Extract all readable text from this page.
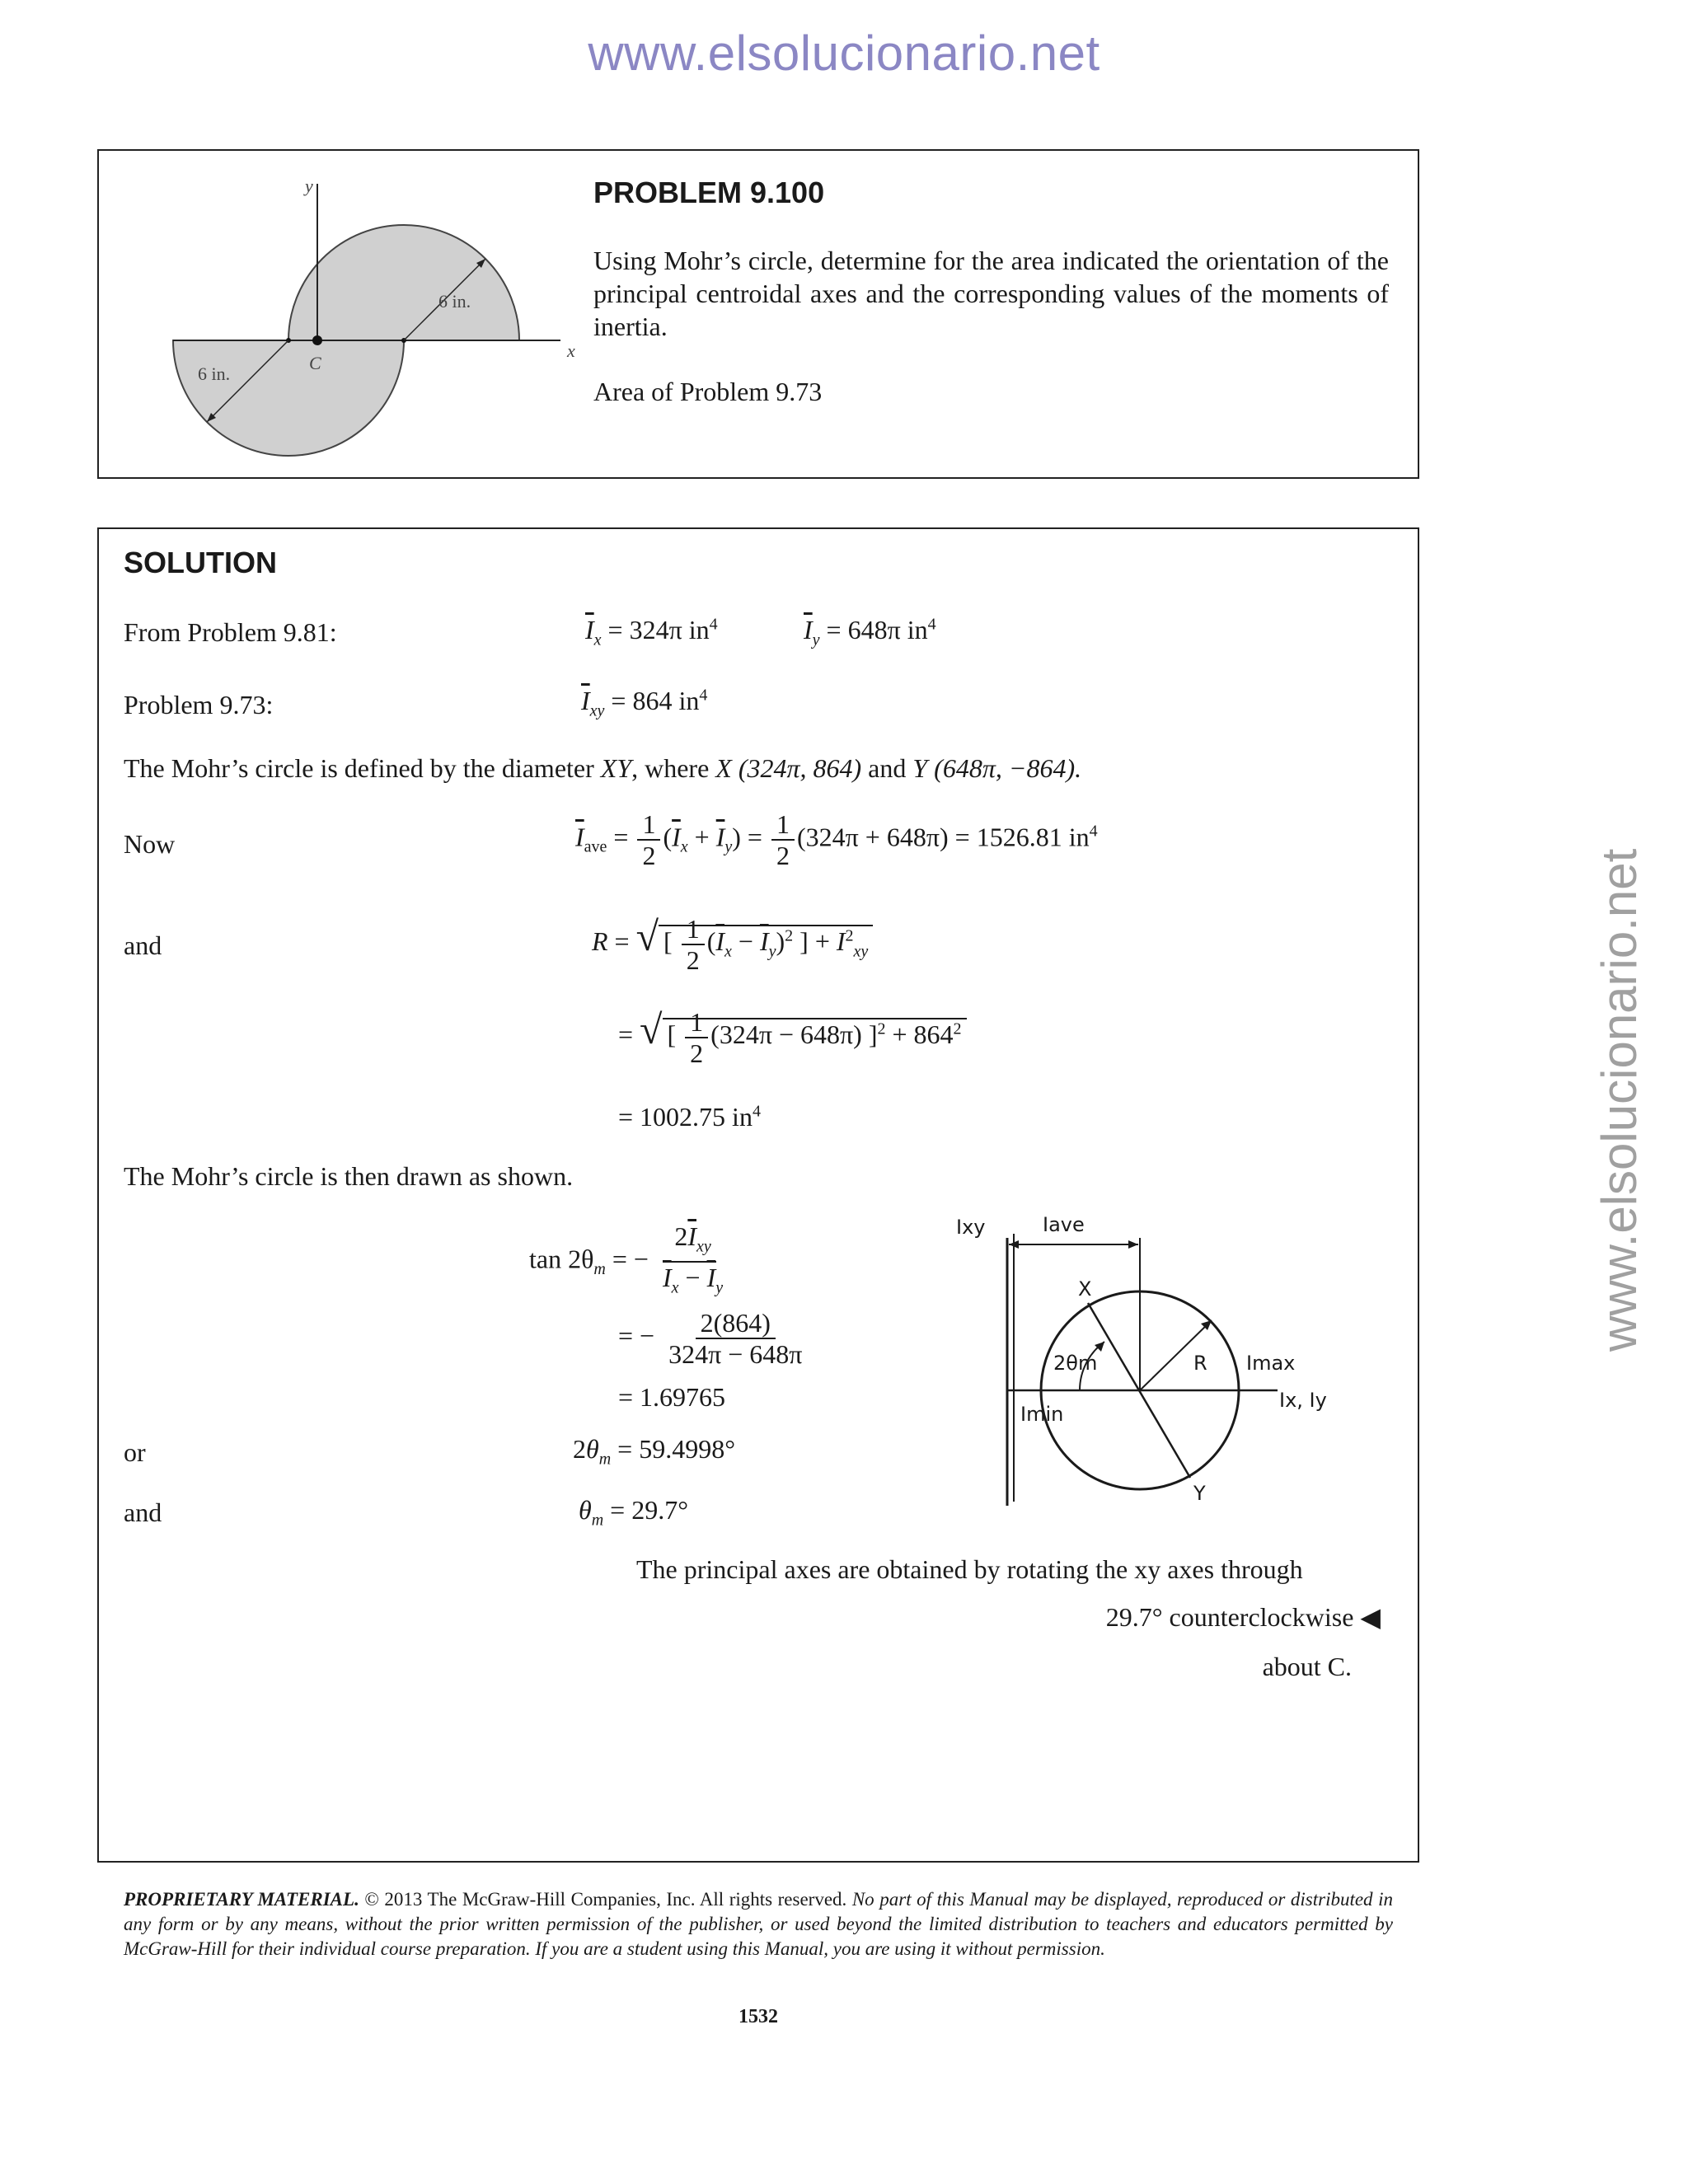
www.elsolucionario.net
www.elsolucionario.net
y
x
C
6 in.
6 in.
PROBLEM 9.100
Using Mohr’s circle, determine for the area indicated the orientation of the principal centroidal axes and the corresponding values of the moments of inertia.
Area of Problem 9.73
SOLUTION
From Problem 9.81:	$\overline{I}_x = 324\pi$ $in^4$	$\overline{I}_y = 648\pi$ $in^4$
Problem 9.73:	$\overline{I}_{xy} = 864$ $in^4$
The Mohr’s circle is defined by the diameter XY, where X (324π, 864) and Y (648π, −864).
Now	$\overline{I}_{ave} = \frac{1}{2} (\overline{I}_x + \overline{I}_y) = \frac{1}{2} (324\pi + 648\pi) = 1526.81$ $in^4$
and	R = √ [ $\frac{1}{2} (\overline{I}_x - \overline{I}_y)^2$ ] + $I^2_{xy}$
= √ [ $\frac{1}{2} (324\pi - 648\pi) ]^2 + 864^2$
= 1002.75 $in^4$
The Mohr’s circle is then drawn as shown.
$\tan 2\theta_m$ = − $\frac{2\overline{I}_{xy}}{\overline{I}_x - \overline{I}_y}$
= − $\frac{2(864)}{324\pi - 648\pi}$
= 1.69765
or	$2\theta_m = 59.4998^\circ$
and	$\theta_m = 29.7^\circ$
The principal axes are obtained by rotating the xy axes through
29.7° counterclockwise ◀
about C.
Ixy	Iave
X
2θm	R Imax
Imin
Ix, Iy
Y
PROPRIETARY MATERIAL. © 2013 The McGraw-Hill Companies, Inc. All rights reserved. No part of this Manual may be displayed, reproduced or distributed in any form or by any means, without the prior written permission of the publisher, or used beyond the limited distribution to teachers and educators permitted by McGraw-Hill for their individual course preparation. If you are a student using this Manual, you are using it without permission.
1532
